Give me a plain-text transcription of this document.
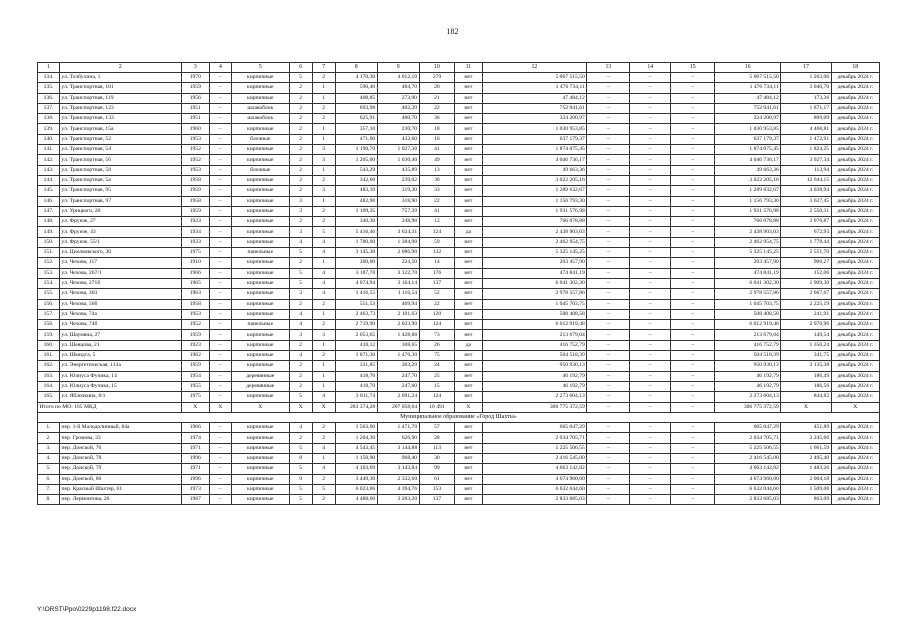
182
1	2	3	4	5	6	7	8	9	10	11	12	13	14	15	16	17	18
134.	ул. Толбухина, 1	1970	–	кирпичные	5	2	4 170,30	4 012,10	279	нет	5 067 515,50	–	–	–	5 067 515,50	1 263,06	декабрь 2024 г.
135.	ул. Транспортная, 101	1959	–	кирпичные	2	1	590,40	484,70	20	нет	1 476 734,11	–	–	–	1 476 734,11	3 046,70	декабрь 2024 г.
136.	ул. Транспортная, 119	1956	–	кирпичные	2	1	408,85	273,90	21	нет	47 484,12	–	–	–	47 484,12	173,36	декабрь 2024 г.
137.	ул. Транспортная, 123	1951	–	шлакоблок	2	2	693,98	402,39	22	нет	752 941,61	–	–	–	752 941,61	1 871,17	декабрь 2024 г.
138.	ул. Транспортная, 133	1951	–	шлакоблок	2	2	625,91	400,70	36	нет	324 200,97	–	–	–	324 200,97	809,09	декабрь 2024 г.
139.	ул. Транспортная, 15а	1960	–	кирпичные	2	1	357,10	230,70	18	нет	1 030 953,85	–	–	–	1 030 953,85	4 468,81	декабрь 2024 г.
140.	ул. Транспортная, 52	1953	–	блочные	2	1	471,00	432,60	16	нет	637 179,37	–	–	–	637 179,37	1 472,91	декабрь 2024 г.
141.	ул. Транспортная, 54	1952	–	кирпичные	2	3	1 190,70	1 027,30	41	нет	1 874 075,45	–	–	–	1 874 075,45	1 824,25	декабрь 2024 г.
142.	ул. Транспортная, 56	1952	–	кирпичные	2	3	1 205,00	1 030,40	49	нет	4 046 736,17	–	–	–	4 046 736,17	3 927,34	декабрь 2024 г.
143.	ул. Транспортная, 58	1953	–	блочные	2	1	543,29	435,89	13	нет	49 663,36	–	–	–	49 663,36	113,94	декабрь 2024 г.
144.	ул. Транспортная, 5а	1958	–	кирпичные	2	2	342,60	239,02	30	нет	3 022 205,16	–	–	–	3 022 205,16	12 644,15	декабрь 2024 г.
145.	ул. Транспортная, 95	1959	–	кирпичные	2	3	483,10	319,30	33	нет	1 289 632,67	–	–	–	1 289 632,67	4 038,94	декабрь 2024 г.
146.	ул. Транспортная, 97	1958	–	кирпичные	3	1	482,90	318,90	22	нет	1 156 793,30	–	–	–	1 156 793,30	3 627,45	декабрь 2024 г.
147.	ул. Урицкого, 20	1959	–	кирпичные	3	2	1 109,35	757,39	41	нет	1 931 576,98	–	–	–	1 931 576,98	2 550,31	декабрь 2024 г.
148.	ул. Фрунзе, 27	1923	–	кирпичные	2	2	340,30	248,98	12	нет	766 078,88	–	–	–	766 078,88	3 076,87	декабрь 2024 г.
149.	ул. Фрунзе, 43	1934	–	кирпичные	3	5	5 416,46	3 624,31	124	да	2 438 903,03	–	–	–	2 438 903,03	672,93	декабрь 2024 г.
150.	ул. Фрунзе, 55/1	1933	–	кирпичные	4	4	1 780,00	1 384,90	59	нет	2 462 954,75	–	–	–	2 462 954,75	1 778,44	декабрь 2024 г.
151.	ул. Циолковского, 30	1975	–	панельные	5	4	3 145,30	2 086,90	132	нет	5 325 145,25	–	–	–	5 325 145,25	2 551,70	декабрь 2024 г.
152.	ул. Чехова, 117	1910	–	кирпичные	2	1	300,00	224,50	14	нет	203 457,90	–	–	–	203 457,90	906,27	декабрь 2024 г.
153.	ул. Чехова, 267/1	1966	–	кирпичные	5	4	3 187,70	3 122,70	176	нет	474 841,19	–	–	–	474 841,19	152,06	декабрь 2024 г.
154.	ул. Чехова, 271б	1965	–	кирпичные	5	4	4 074,94	3 164,14	137	нет	6 041 302,30	–	–	–	6 041 302,30	1 909,30	декабрь 2024 г.
155.	ул. Чехова, 303	1963	–	кирпичные	3	4	1 416,55	1 116,54	52	нет	2 978 557,86	–	–	–	2 978 557,86	2 667,67	декабрь 2024 г.
156.	ул. Чехова, 56б	1958	–	кирпичные	2	2	551,53	469,94	22	нет	1 045 703,75	–	–	–	1 045 703,75	2 225,19	декабрь 2024 г.
157.	ул. Чехова, 74а	1953	–	кирпичные	4	1	2 463,73	2 101,63	120	нет	508 408,58	–	–	–	508 408,58	241,91	декабрь 2024 г.
158.	ул. Чехова, 74б	1952	–	панельные	4	2	2 719,90	2 023,90	124	нет	6 012 919,48	–	–	–	6 012 919,48	2 970,96	декабрь 2024 г.
159.	ул. Шаумяна, 27	1959	–	кирпичные	3	3	2 053,65	1 428,88	73	нет	213 679,04	–	–	–	213 679,04	149,54	декабрь 2024 г.
160.	ул. Шевцова, 21	1923	–	кирпичные	2	1	410,12	308,65	26	да	416 752,79	–	–	–	416 752,79	1 350,24	декабрь 2024 г.
161.	ул. Шмидта, 5	1962	–	кирпичные	4	2	1 871,30	1 476,30	75	нет	504 518,39	–	–	–	504 518,39	341,75	декабрь 2024 г.
162.	ул. Энергетическая, 113а	1959	–	кирпичные	2	1	331,85	303,29	24	нет	950 930,13	–	–	–	950 930,13	3 135,38	декабрь 2024 г.
163.	ул. Юлиуса Фучика, 14	1954	–	деревянные	2	1	418,70	247,70	25	нет	46 192,79	–	–	–	46 192,79	186,49	декабрь 2024 г.
164.	ул. Юлиуса Фучика, 15	1955	–	деревянные	2	1	418,70	247,60	15	нет	46 192,79	–	–	–	46 192,79	186,56	декабрь 2024 г.
165.	ул. Яблочкина, 8/1	1975	–	кирпичные	5	4	3 811,74	2 691,24	124	нет	2 273 604,13	–	–	–	2 273 604,13	844,82	декабрь 2024 г.
Итого по МО: 165 МКД		X	X	X	X	X	283 374,28	207 058,64	10 491	X	306 775 372,59	–	–	–	306 775 372,59	X	X
Муниципальное образование «Город Шахты»																	
1.	пер. 1-й Малодолинный, 84а	1966	–	кирпичные	4	2	1 563,00	1 471,70	57	нет	665 047,29	–	–	–	665 047,29	451,89	декабрь 2024 г.
2.	пер. Громова, 33	1974	–	кирпичные	2	2	1 204,30	626,90	28	нет	2 034 705,71	–	–	–	2 034 705,71	3 245,66	декабрь 2024 г.
3.	пер. Донской, 76	1971	–	кирпичные	5	4	4 543,45	3 144,88	113	нет	5 225 506,55	–	–	–	5 225 506,55	1 661,59	декабрь 2024 г.
4.	пер. Донской, 78	1996	–	кирпичные	8	1	1 150,90	968,40	30	нет	2 416 545,00	–	–	–	2 416 545,00	2 495,40	декабрь 2024 г.
5.	пер. Донской, 79	1971	–	кирпичные	5	4	4 103,69	3 143,84	99	нет	4 663 142,82	–	–	–	4 663 142,82	1 483,26	декабрь 2024 г.
6.	пер. Донской, 80	1996	–	кирпичные	9	2	3 449,30	2 332,60	61	нет	4 674 960,00	–	–	–	4 674 960,00	2 004,18	декабрь 2024 г.
7.	пер. Красный Шахтер, 61	1973	–	кирпичные	5	5	6 023,06	4 394,76	153	нет	6 632 044,60	–	–	–	6 632 044,60	1 509,08	декабрь 2024 г.
8.	пер. Лермонтова, 26	1987	–	кирпичные	5	2	4 488,60	3 283,20	137	нет	2 833 685,03	–	–	–	2 833 685,03	863,09	декабрь 2024 г.
Y:\ORST\Ppo\0229p1198.f22.docx
